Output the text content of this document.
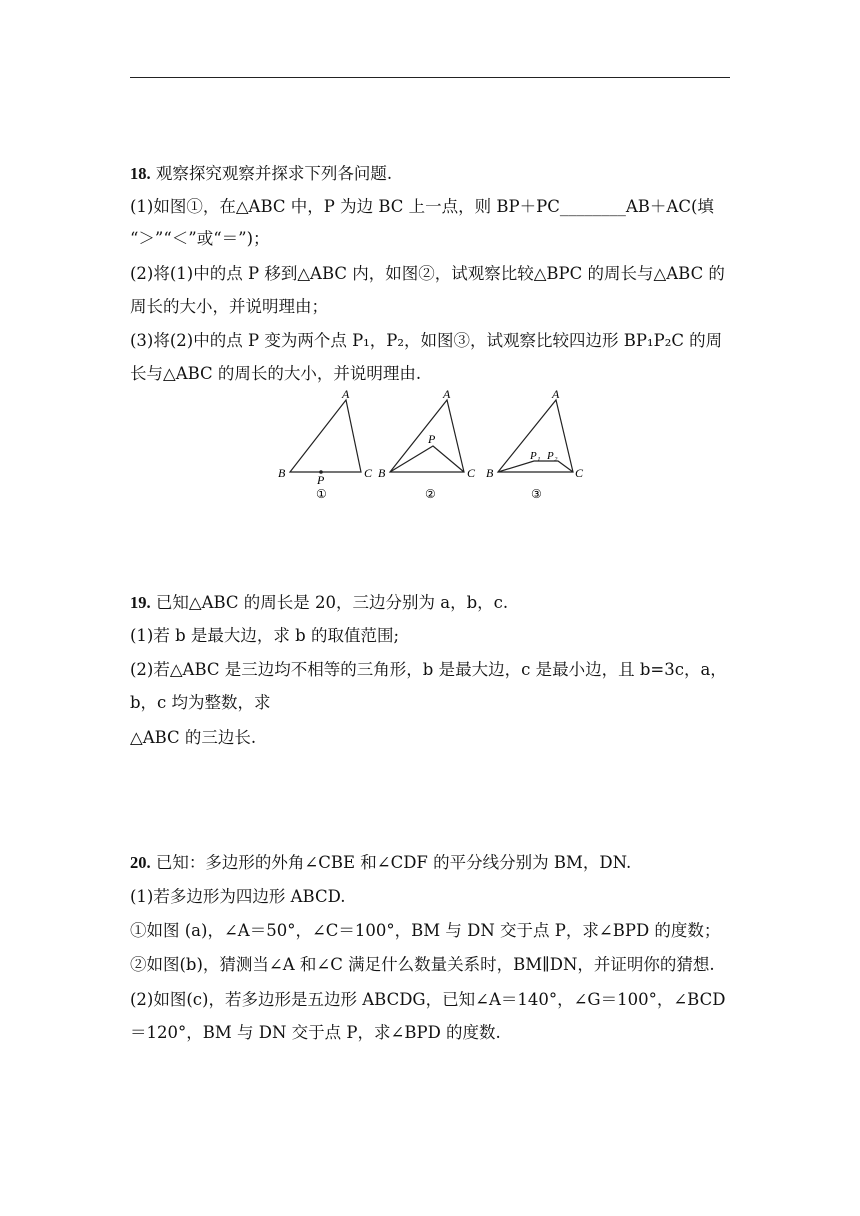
18. 观察探究观察并探求下列各问题.
(1)如图①，在△ABC 中，P 为边 BC 上一点，则 BP＋PC________AB＋AC(填
“＞”“＜”或“＝”)；
(2)将(1)中的点 P 移到△ABC 内，如图②，试观察比较△BPC 的周长与△ABC 的
周长的大小，并说明理由；
(3)将(2)中的点 P 变为两个点 P₁，P₂，如图③，试观察比较四边形 BP₁P₂C 的周
长与△ABC 的周长的大小，并说明理由.
A
B	C
P
①
A
B	C
P
②
A
B	C
P₁ P₂
③
19. 已知△ABC 的周长是 20，三边分别为 a，b，c.
(1)若 b 是最大边，求 b 的取值范围;
(2)若△ABC 是三边均不相等的三角形，b 是最大边，c 是最小边，且 b=3c，a，
b，c 均为整数，求
△ABC 的三边长.
20. 已知：多边形的外角∠CBE 和∠CDF 的平分线分别为 BM，DN.
(1)若多边形为四边形 ABCD.
①如图 (a)，∠A＝50°，∠C＝100°，BM 与 DN 交于点 P，求∠BPD 的度数；
②如图(b)，猜测当∠A 和∠C 满足什么数量关系时，BM∥DN，并证明你的猜想.
(2)如图(c)，若多边形是五边形 ABCDG，已知∠A＝140°，∠G＝100°，∠BCD
＝120°，BM 与 DN 交于点 P，求∠BPD 的度数.
